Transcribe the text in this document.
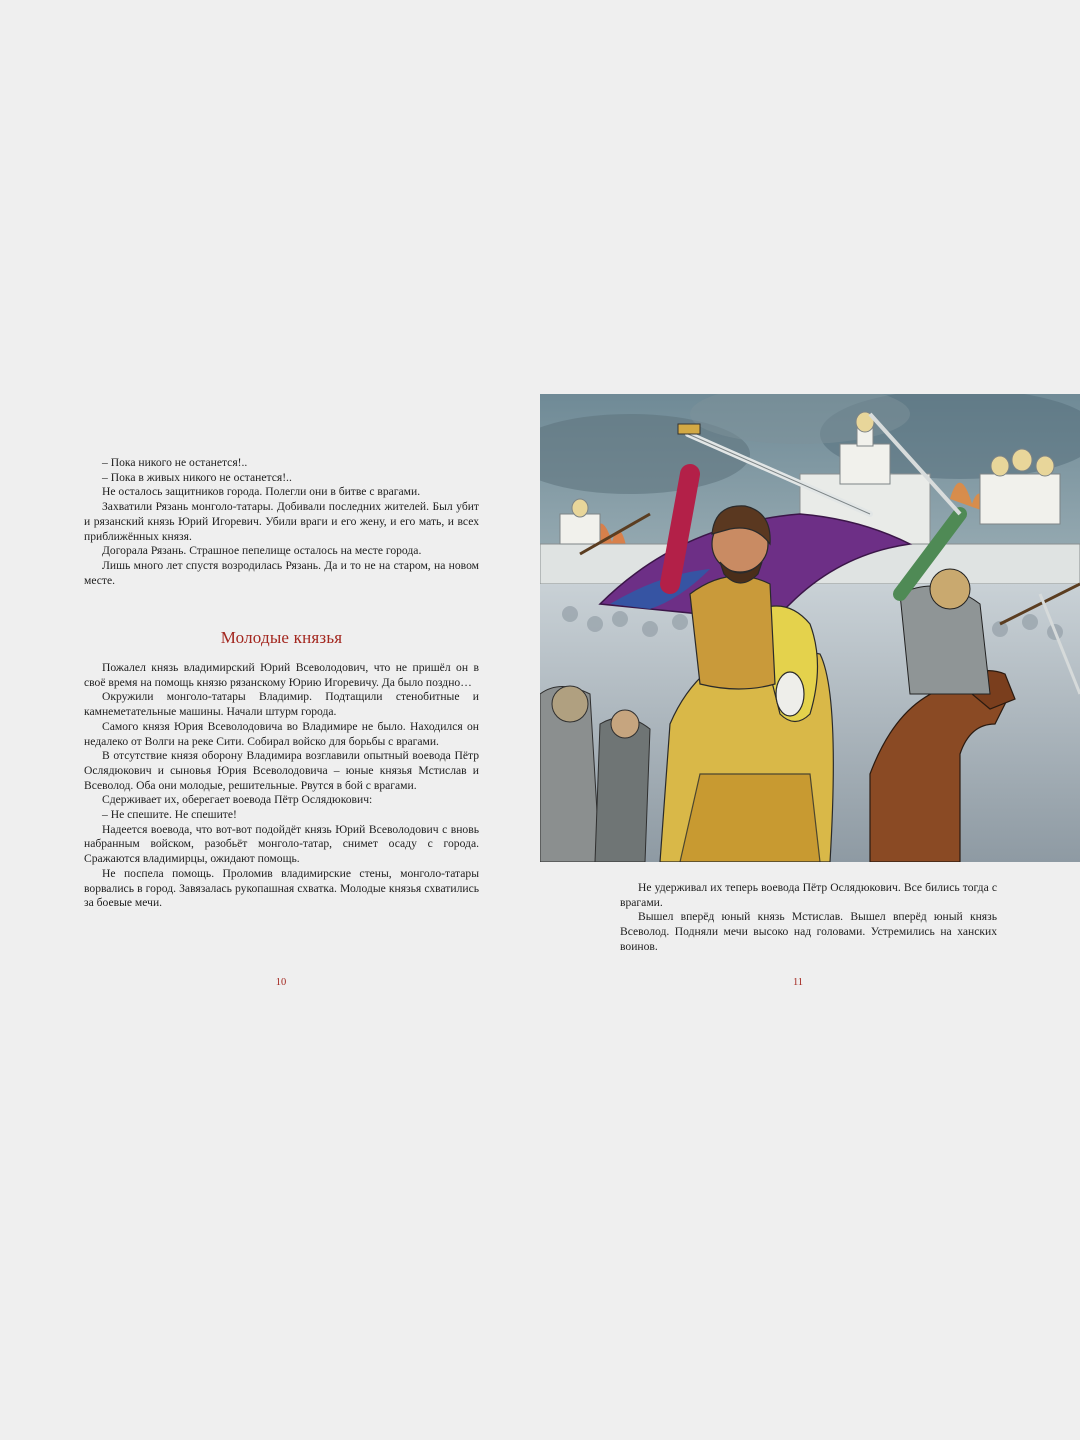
– Пока никого не останется!..

– Пока в живых никого не останется!..

Не осталось защитников города. Полегли они в битве с врагами.

Захватили Рязань монголо-татары. Добивали последних жителей. Был убит и рязанский князь Юрий Игоревич. Убили враги и его жену, и его мать, и всех приближённых князя.

Догорала Рязань. Страшное пепелище осталось на месте города.

Лишь много лет спустя возродилась Рязань. Да и то не на старом, на новом месте.

Молодые князья

Пожалел князь владимирский Юрий Всеволодович, что не пришёл он в своё время на помощь князю рязанскому Юрию Игоревичу. Да было поздно…

Окружили монголо-татары Владимир. Подтащили стенобитные и камнеметательные машины. Начали штурм города.

Самого князя Юрия Всеволодовича во Владимире не было. Находился он недалеко от Волги на реке Сити. Собирал войско для борьбы с врагами.

В отсутствие князя оборону Владимира возглавили опытный воевода Пётр Ослядюкович и сыновья Юрия Всеволодовича – юные князья Мстислав и Всеволод. Оба они молодые, решительные. Рвутся в бой с врагами.

Сдерживает их, оберегает воевода Пётр Ослядюкович:

– Не спешите. Не спешите!

Надеется воевода, что вот-вот подойдёт князь Юрий Всеволодович с вновь набранным войском, разобьёт монголо-татар, снимет осаду с города. Сражаются владимирцы, ожидают помощь.

Не поспела помощь. Проломив владимирские стены, монголо-татары ворвались в город. Завязалась рукопашная схватка. Молодые князья схватились за боевые мечи.

10

Не удерживал их теперь воевода Пётр Ослядюкович. Все бились тогда с врагами.

Вышел вперёд юный князь Мстислав. Вышел вперёд юный князь Всеволод. Подняли мечи высоко над головами. Устремились на ханских воинов.

11
